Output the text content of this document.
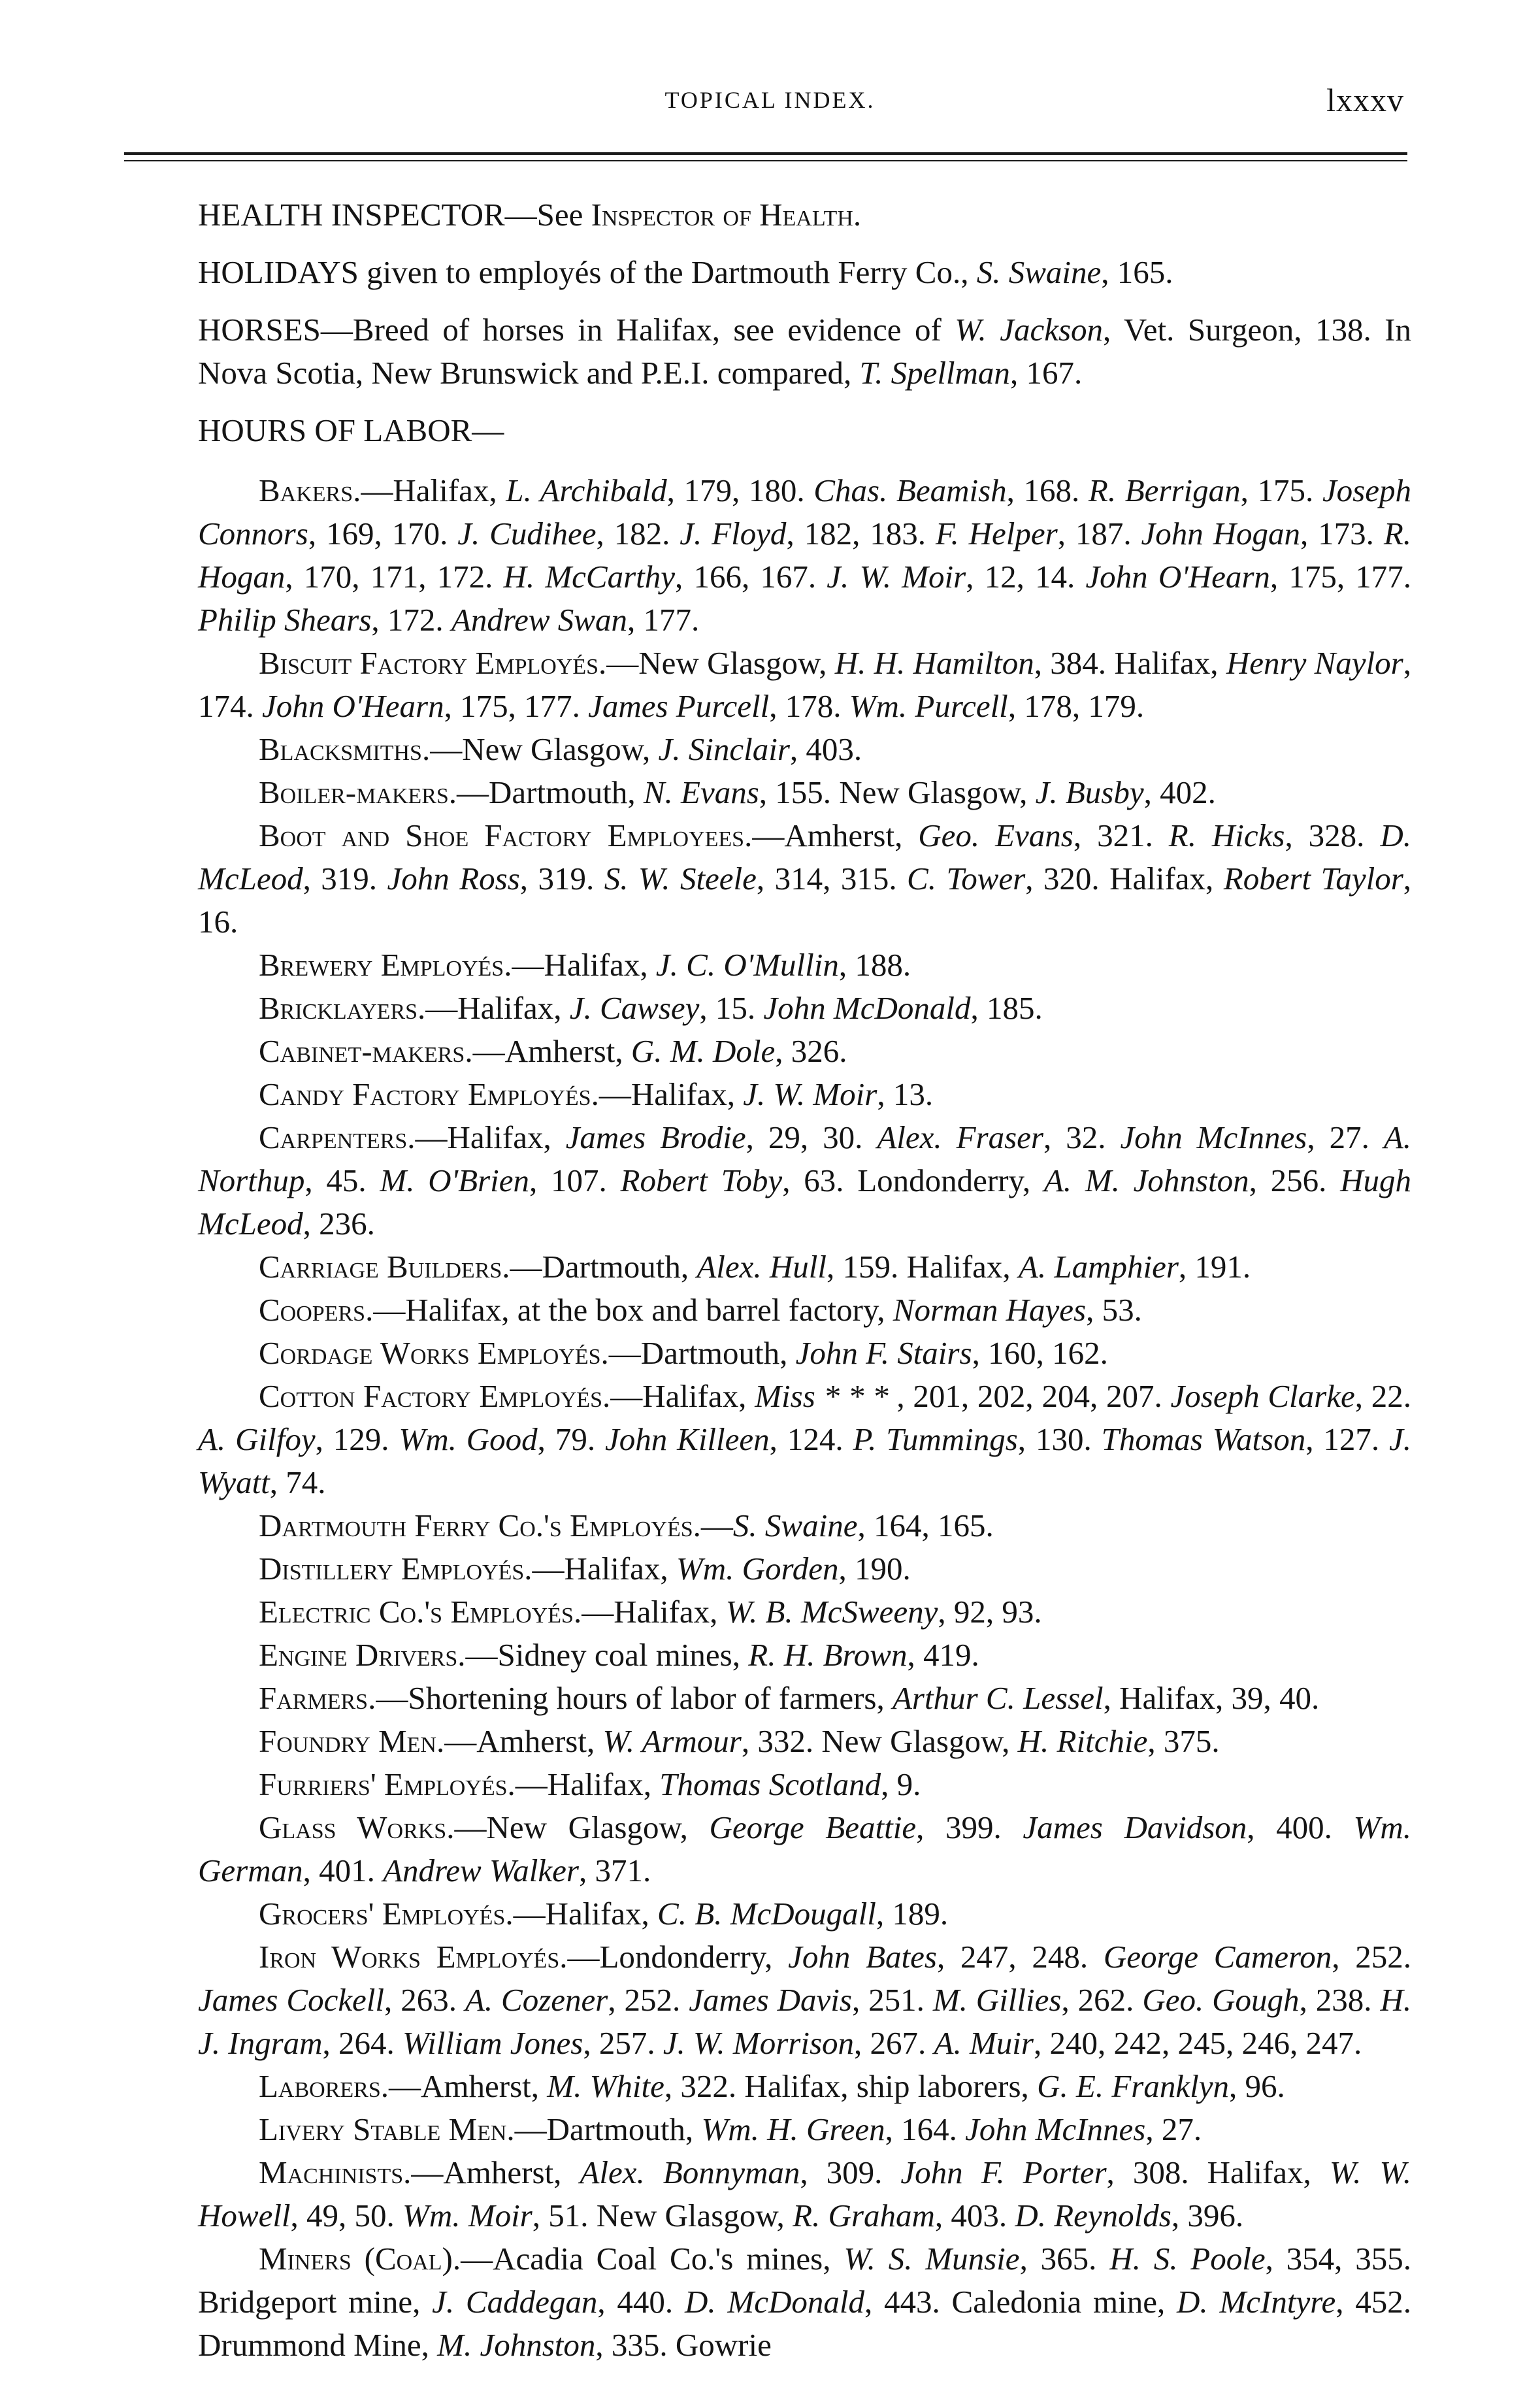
TOPICAL INDEX.	lxxxv

HEALTH INSPECTOR—See Inspector of Health.

HOLIDAYS given to employés of the Dartmouth Ferry Co., S. Swaine, 165.

HORSES—Breed of horses in Halifax, see evidence of W. Jackson, Vet. Surgeon, 138. In Nova Scotia, New Brunswick and P.E.I. compared, T. Spellman, 167.

HOURS OF LABOR—

Bakers.—Halifax, L. Archibald, 179, 180. Chas. Beamish, 168. R. Berrigan, 175. Joseph Connors, 169, 170. J. Cudihee, 182. J. Floyd, 182, 183. F. Helper, 187. John Hogan, 173. R. Hogan, 170, 171, 172. H. McCarthy, 166, 167. J. W. Moir, 12, 14. John O'Hearn, 175, 177. Philip Shears, 172. Andrew Swan, 177.

Biscuit Factory Employés.—New Glasgow, H. H. Hamilton, 384. Halifax, Henry Naylor, 174. John O'Hearn, 175, 177. James Purcell, 178. Wm. Purcell, 178, 179.

Blacksmiths.—New Glasgow, J. Sinclair, 403.

Boiler-makers.—Dartmouth, N. Evans, 155. New Glasgow, J. Busby, 402.

Boot and Shoe Factory Employees.—Amherst, Geo. Evans, 321. R. Hicks, 328. D. McLeod, 319. John Ross, 319. S. W. Steele, 314, 315. C. Tower, 320. Halifax, Robert Taylor, 16.

Brewery Employés.—Halifax, J. C. O'Mullin, 188.

Bricklayers.—Halifax, J. Cawsey, 15. John McDonald, 185.

Cabinet-makers.—Amherst, G. M. Dole, 326.

Candy Factory Employés.—Halifax, J. W. Moir, 13.

Carpenters.—Halifax, James Brodie, 29, 30. Alex. Fraser, 32. John McInnes, 27. A. Northup, 45. M. O'Brien, 107. Robert Toby, 63. Londonderry, A. M. Johnston, 256. Hugh McLeod, 236.

Carriage Builders.—Dartmouth, Alex. Hull, 159. Halifax, A. Lamphier, 191.

Coopers.—Halifax, at the box and barrel factory, Norman Hayes, 53.

Cordage Works Employés.—Dartmouth, John F. Stairs, 160, 162.

Cotton Factory Employés.—Halifax, Miss * * * , 201, 202, 204, 207. Joseph Clarke, 22. A. Gilfoy, 129. Wm. Good, 79. John Killeen, 124. P. Tummings, 130. Thomas Watson, 127. J. Wyatt, 74.

Dartmouth Ferry Co.'s Employés.—S. Swaine, 164, 165.

Distillery Employés.—Halifax, Wm. Gorden, 190.

Electric Co.'s Employés.—Halifax, W. B. McSweeny, 92, 93.

Engine Drivers.—Sidney coal mines, R. H. Brown, 419.

Farmers.—Shortening hours of labor of farmers, Arthur C. Lessel, Halifax, 39, 40.

Foundry Men.—Amherst, W. Armour, 332. New Glasgow, H. Ritchie, 375.

Furriers' Employés.—Halifax, Thomas Scotland, 9.

Glass Works.—New Glasgow, George Beattie, 399. James Davidson, 400. Wm. German, 401. Andrew Walker, 371.

Grocers' Employés.—Halifax, C. B. McDougall, 189.

Iron Works Employés.—Londonderry, John Bates, 247, 248. George Cameron, 252. James Cockell, 263. A. Cozener, 252. James Davis, 251. M. Gillies, 262. Geo. Gough, 238. H. J. Ingram, 264. William Jones, 257. J. W. Morrison, 267. A. Muir, 240, 242, 245, 246, 247.

Laborers.—Amherst, M. White, 322. Halifax, ship laborers, G. E. Franklyn, 96.

Livery Stable Men.—Dartmouth, Wm. H. Green, 164. John McInnes, 27.

Machinists.—Amherst, Alex. Bonnyman, 309. John F. Porter, 308. Halifax, W. W. Howell, 49, 50. Wm. Moir, 51. New Glasgow, R. Graham, 403. D. Reynolds, 396.

Miners (Coal).—Acadia Coal Co.'s mines, W. S. Munsie, 365. H. S. Poole, 354, 355. Bridgeport mine, J. Caddegan, 440. D. McDonald, 443. Caledonia mine, D. McIntyre, 452. Drummond Mine, M. Johnston, 335. Gowrie
